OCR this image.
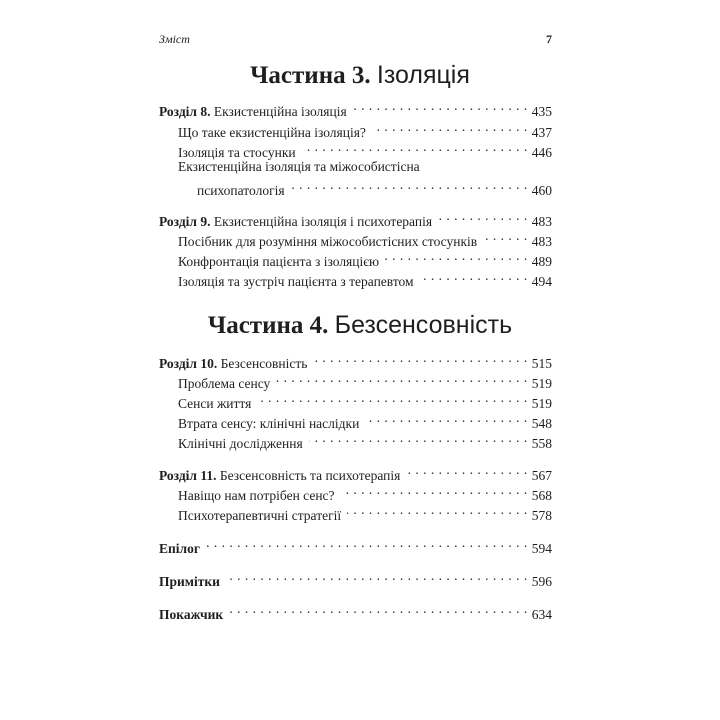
Зміст	7
Частина 3. Ізоляція
Розділ 8. Екзистенційна ізоляція . . .	435
Що таке екзистенційна ізоляція? . . .	437
Ізоляція та стосунки . . .	446
Екзистенційна ізоляція та міжособистісна
психопатологія . . .	460
Розділ 9. Екзистенційна ізоляція і психотерапія . . .	483
Посібник для розуміння міжособистісних стосунків . . .	483
Конфронтація пацієнта з ізоляцією . . .	489
Ізоляція та зустріч пацієнта з терапевтом . . .	494
Частина 4. Безсенсовність
Розділ 10. Безсенсовність . . .	515
Проблема сенсу . . .	519
Сенси життя . . .	519
Втрата сенсу: клінічні наслідки . . .	548
Клінічні дослідження . . .	558
Розділ 11. Безсенсовність та психотерапія . . .	567
Навіщо нам потрібен сенс? . . .	568
Психотерапевтичні стратегії . . .	578
Епілог . . .	594
Примітки . . .	596
Покажчик . . .	634
